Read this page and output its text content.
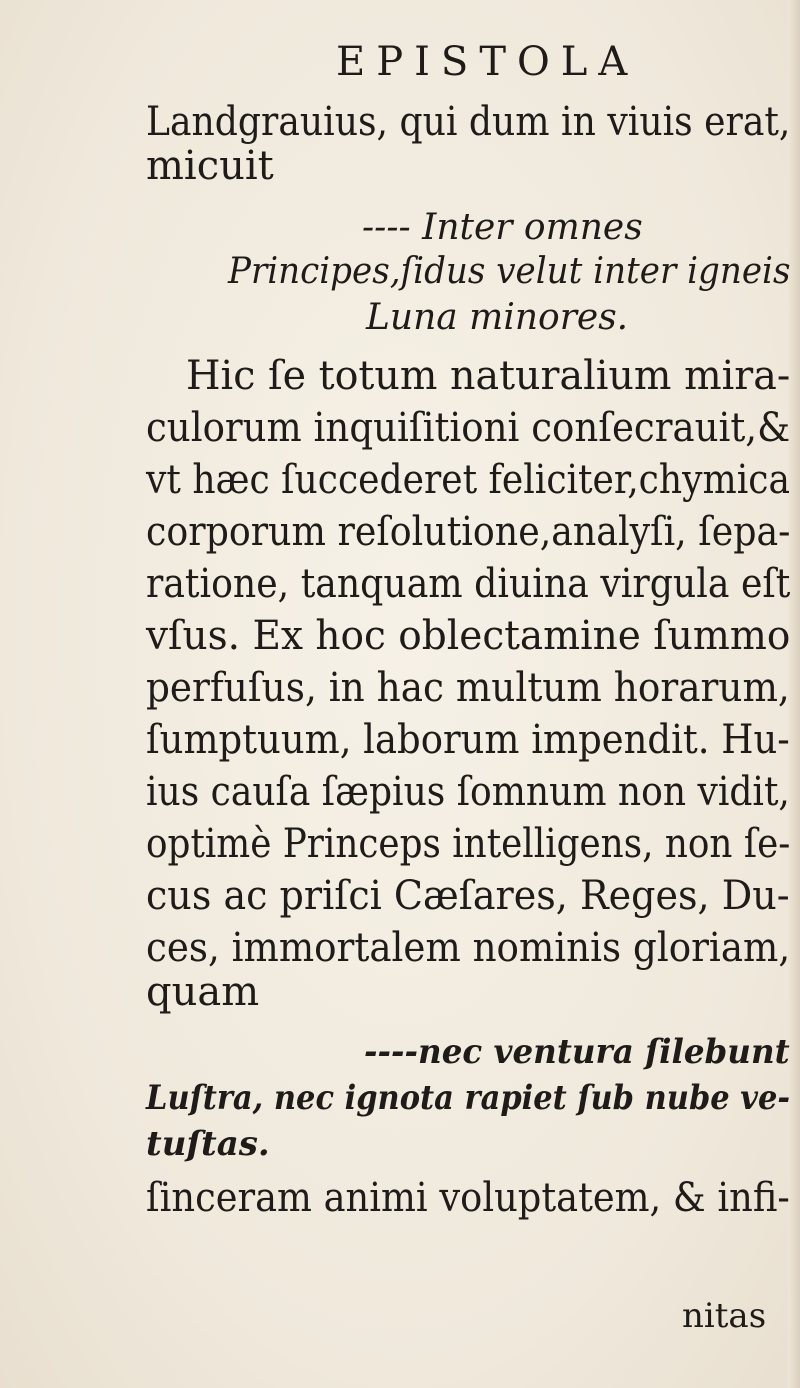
EPISTOLA
Landgrauius, qui dum in viuis erat,
micuit
---- Inter omnes
Principes,ſidus velut inter igneis
Luna minores.
Hic ſe totum naturalium mira-
culorum inquiſitioni conſecrauit,&
vt hæc ſuccederet feliciter,chymica
corporum reſolutione,analyſi, ſepa-
ratione, tanquam diuina virgula eſt
vſus. Ex hoc oblectamine ſummo
perfuſus, in hac multum horarum,
ſumptuum, laborum impendit. Hu-
ius cauſa ſæpius ſomnum non vidit,
optimè Princeps intelligens, non ſe-
cus ac priſci Cæſares, Reges, Du-
ces, immortalem nominis gloriam,
quam
----nec ventura ſilebunt
Luſtra, nec ignota rapiet ſub nube ve-
tuſtas.
ſinceram animi voluptatem, & infi-
nitas
